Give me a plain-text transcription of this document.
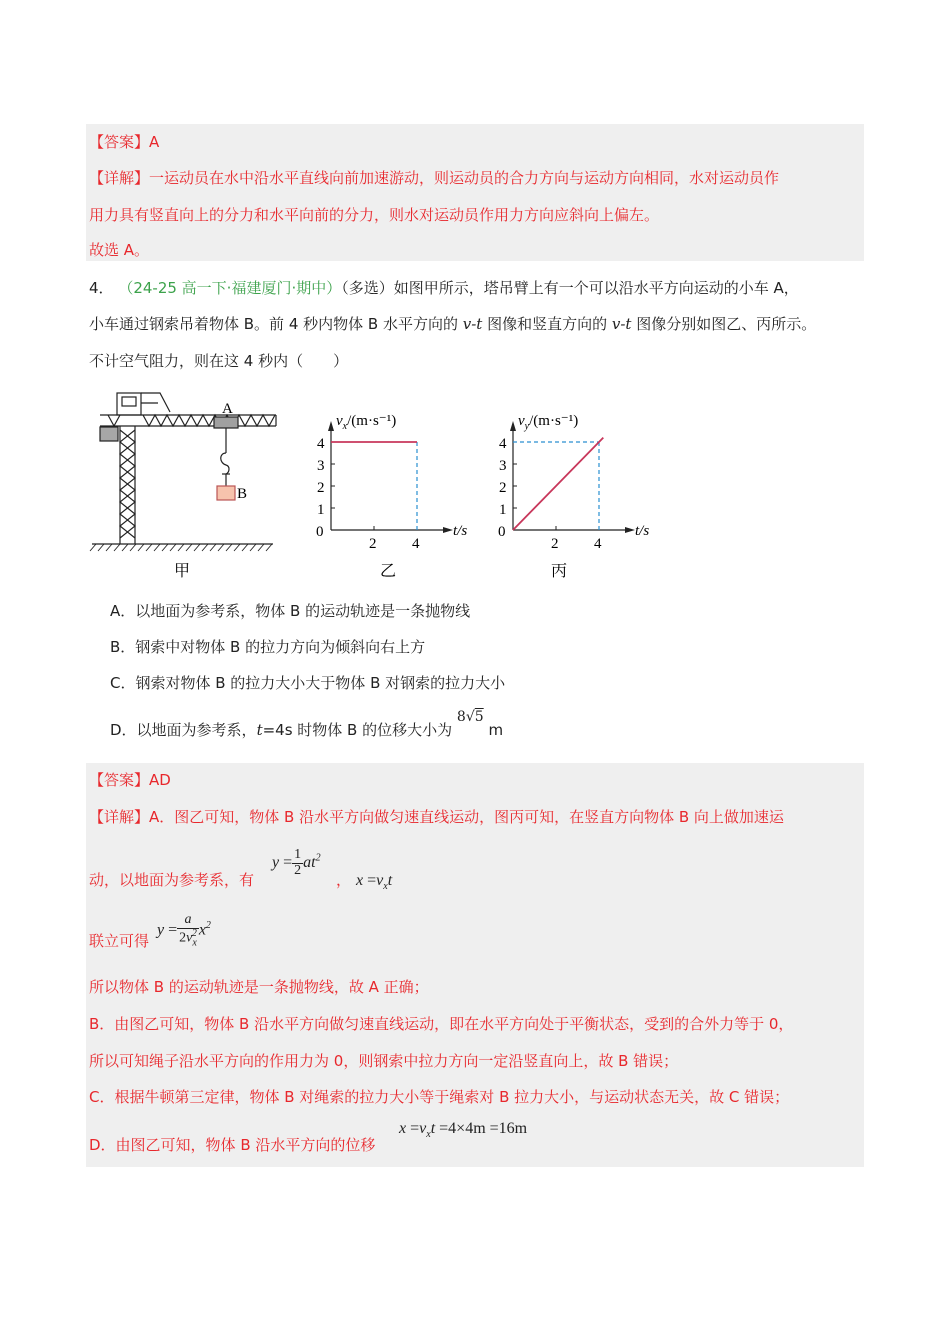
【答案】A
【详解】一运动员在水中沿水平直线向前加速游动，则运动员的合力方向与运动方向相同，水对运动员作
用力具有竖直向上的分力和水平向前的分力，则水对运动员作用力方向应斜向上偏左。
故选 A。
4． （24-25 高一下·福建厦门·期中）（多选）如图甲所示，塔吊臂上有一个可以沿水平方向运动的小车 A，
小车通过钢索吊着物体 B。前 4 秒内物体 B 水平方向的 v-t 图像和竖直方向的 v-t 图像分别如图乙、丙所示。
不计空气阻力，则在这 4 秒内（　　）
A
B
甲
0
1
2
3
4
2 4
t/s
$v_x/(m\cdot s^{-1})$
乙
0
1
2
3
4
2 4
t/s
$v_y/(m\cdot s^{-1})$
丙
A．以地面为参考系，物体 B 的运动轨迹是一条抛物线
B．钢索中对物体 B 的拉力方向为倾斜向右上方
C．钢索对物体 B 的拉力大小大于物体 B 对钢索的拉力大小
D．以地面为参考系，t=4s 时物体 B 的位移大小为 8√5 m
【答案】AD
【详解】A．图乙可知，物体 B 沿水平方向做匀速直线运动，图丙可知，在竖直方向物体 B 向上做加速运
动，以地面为参考系，有
$y = \frac{1}{2} at^2$
， $x =v_xt$
联立可得
$y = \frac{a}{2v_x^2} x^2$
所以物体 B 的运动轨迹是一条抛物线，故 A 正确；
B．由图乙可知，物体 B 沿水平方向做匀速直线运动，即在水平方向处于平衡状态，受到的合外力等于 0，
所以可知绳子沿水平方向的作用力为 0，则钢索中拉力方向一定沿竖直向上，故 B 错误；
C．根据牛顿第三定律，物体 B 对绳索的拉力大小等于绳索对 B 拉力大小，与运动状态无关，故 C 错误；
D．由图乙可知，物体 B 沿水平方向的位移
$x =v_xt =4\times 4m =16m$
